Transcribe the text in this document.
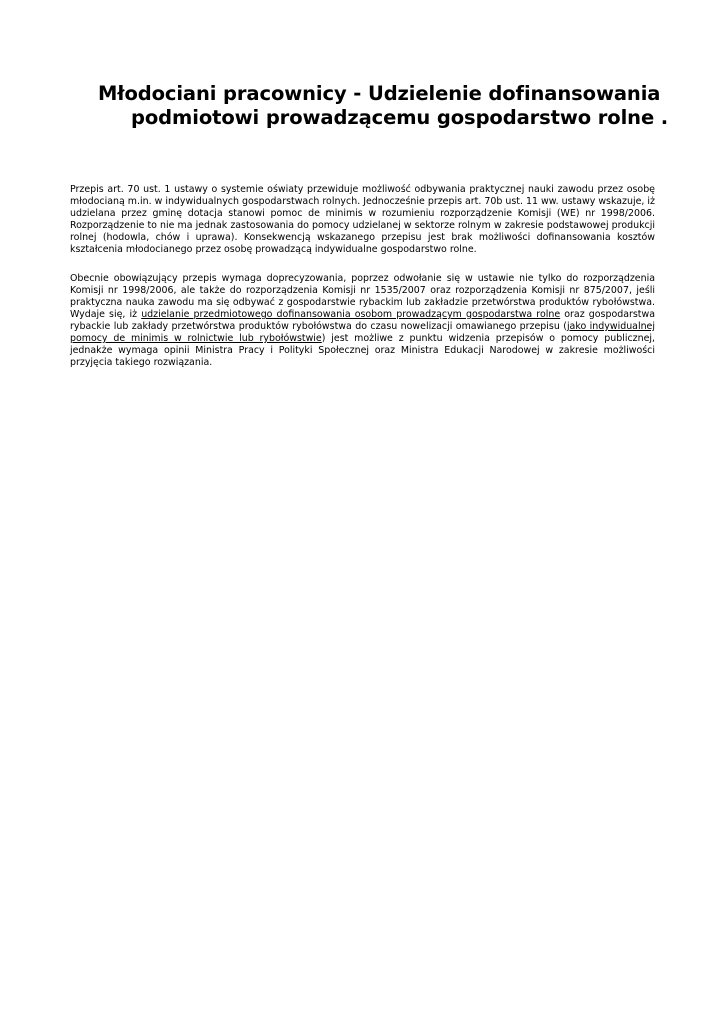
Młodociani pracownicy - Udzielenie dofinansowania
podmiotowi prowadzącemu gospodarstwo rolne .

Przepis art. 70 ust. 1 ustawy o systemie oświaty przewiduje możliwość odbywania praktycznej nauki zawodu przez osobę młodocianą m.in. w indywidualnych gospodarstwach rolnych. Jednocześnie przepis art. 70b ust. 11 ww. ustawy wskazuje, iż udzielana przez gminę dotacja stanowi pomoc de minimis w rozumieniu rozporządzenie Komisji (WE) nr 1998/2006. Rozporządzenie to nie ma jednak zastosowania do pomocy udzielanej w sektorze rolnym w zakresie podstawowej produkcji rolnej (hodowla, chów i uprawa). Konsekwencją wskazanego przepisu jest brak możliwości dofinansowania kosztów kształcenia młodocianego przez osobę prowadzącą indywidualne gospodarstwo rolne.

Obecnie obowiązujący przepis wymaga doprecyzowania, poprzez odwołanie się w ustawie nie tylko do rozporządzenia Komisji nr 1998/2006, ale także do rozporządzenia Komisji nr 1535/2007 oraz rozporządzenia Komisji nr 875/2007, jeśli praktyczna nauka zawodu ma się odbywać z gospodarstwie rybackim lub zakładzie przetwórstwa produktów rybołówstwa. Wydaje się, iż udzielanie przedmiotowego dofinansowania osobom prowadzącym gospodarstwa rolne oraz gospodarstwa rybackie lub zakłady przetwórstwa produktów rybołówstwa do czasu nowelizacji omawianego przepisu (jako indywidualnej pomocy de minimis w rolnictwie lub rybołówstwie) jest możliwe z punktu widzenia przepisów o pomocy publicznej, jednakże wymaga opinii Ministra Pracy i Polityki Społecznej oraz Ministra Edukacji Narodowej w zakresie możliwości przyjęcia takiego rozwiązania.
